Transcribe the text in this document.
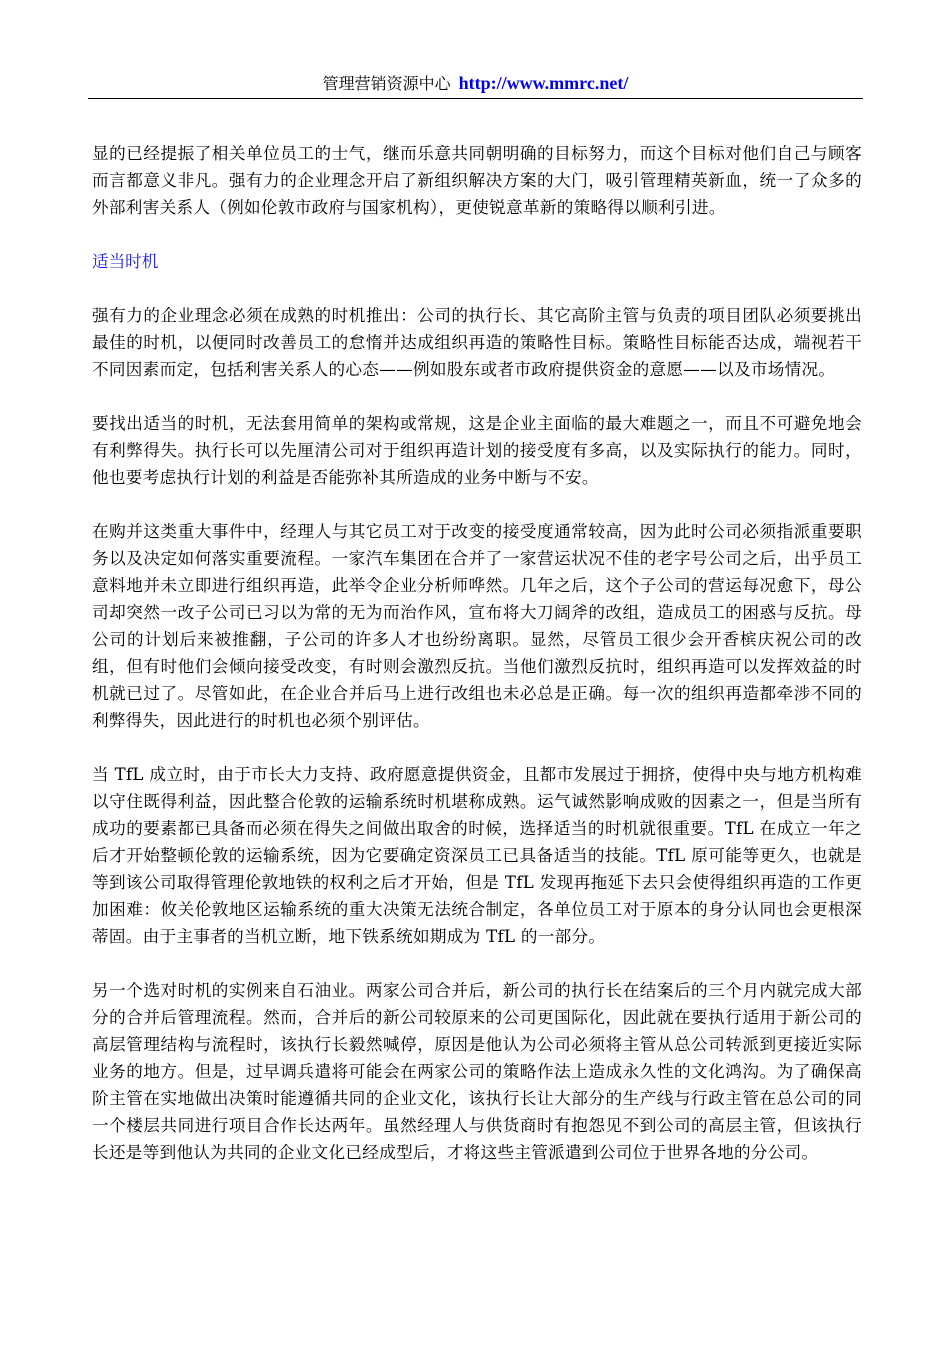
管理营销资源中心 http://www.mmrc.net/

显的已经提振了相关单位员工的士气，继而乐意共同朝明确的目标努力，而这个目标对他们自己与顾客而言都意义非凡。强有力的企业理念开启了新组织解决方案的大门，吸引管理精英新血，统一了众多的外部利害关系人（例如伦敦市政府与国家机构），更使锐意革新的策略得以顺利引进。

适当时机

强有力的企业理念必须在成熟的时机推出：公司的执行长、其它高阶主管与负责的项目团队必须要挑出最佳的时机，以便同时改善员工的怠惰并达成组织再造的策略性目标。策略性目标能否达成，端视若干不同因素而定，包括利害关系人的心态——例如股东或者市政府提供资金的意愿——以及市场情况。

要找出适当的时机，无法套用简单的架构或常规，这是企业主面临的最大难题之一，而且不可避免地会有利弊得失。执行长可以先厘清公司对于组织再造计划的接受度有多高，以及实际执行的能力。同时，他也要考虑执行计划的利益是否能弥补其所造成的业务中断与不安。

在购并这类重大事件中，经理人与其它员工对于改变的接受度通常较高，因为此时公司必须指派重要职务以及决定如何落实重要流程。一家汽车集团在合并了一家营运状况不佳的老字号公司之后，出乎员工意料地并未立即进行组织再造，此举令企业分析师哗然。几年之后，这个子公司的营运每况愈下，母公司却突然一改子公司已习以为常的无为而治作风，宣布将大刀阔斧的改组，造成员工的困惑与反抗。母公司的计划后来被推翻，子公司的许多人才也纷纷离职。显然，尽管员工很少会开香槟庆祝公司的改组，但有时他们会倾向接受改变，有时则会激烈反抗。当他们激烈反抗时，组织再造可以发挥效益的时机就已过了。尽管如此，在企业合并后马上进行改组也未必总是正确。每一次的组织再造都牵涉不同的利弊得失，因此进行的时机也必须个别评估。

当 TfL 成立时，由于市长大力支持、政府愿意提供资金，且都市发展过于拥挤，使得中央与地方机构难以守住既得利益，因此整合伦敦的运输系统时机堪称成熟。运气诚然影响成败的因素之一，但是当所有成功的要素都已具备而必须在得失之间做出取舍的时候，选择适当的时机就很重要。TfL 在成立一年之后才开始整顿伦敦的运输系统，因为它要确定资深员工已具备适当的技能。TfL 原可能等更久，也就是等到该公司取得管理伦敦地铁的权利之后才开始，但是 TfL 发现再拖延下去只会使得组织再造的工作更加困难：攸关伦敦地区运输系统的重大决策无法统合制定，各单位员工对于原本的身分认同也会更根深蒂固。由于主事者的当机立断，地下铁系统如期成为 TfL 的一部分。

另一个选对时机的实例来自石油业。两家公司合并后，新公司的执行长在结案后的三个月内就完成大部分的合并后管理流程。然而，合并后的新公司较原来的公司更国际化，因此就在要执行适用于新公司的高层管理结构与流程时，该执行长毅然喊停，原因是他认为公司必须将主管从总公司转派到更接近实际业务的地方。但是，过早调兵遣将可能会在两家公司的策略作法上造成永久性的文化鸿沟。为了确保高阶主管在实地做出决策时能遵循共同的企业文化，该执行长让大部分的生产线与行政主管在总公司的同一个楼层共同进行项目合作长达两年。虽然经理人与供货商时有抱怨见不到公司的高层主管，但该执行长还是等到他认为共同的企业文化已经成型后，才将这些主管派遣到公司位于世界各地的分公司。
